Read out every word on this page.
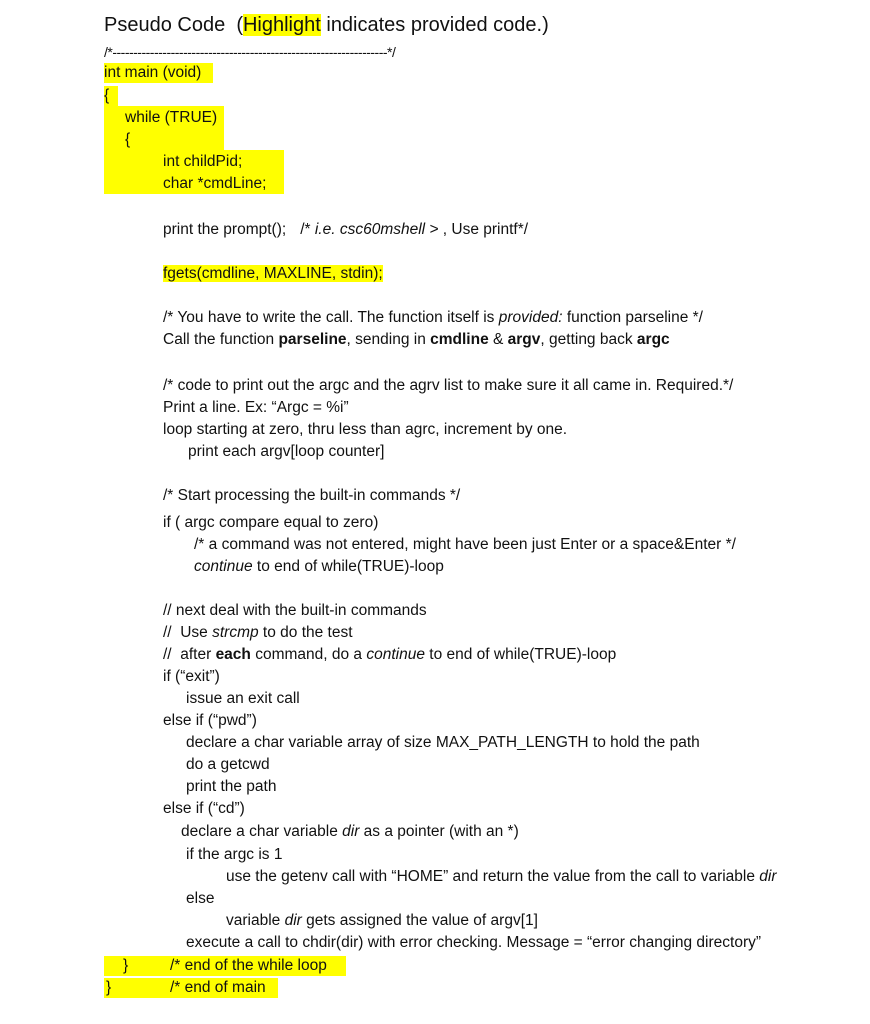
Pseudo Code  (Highlight indicates provided code.)
/*------------------------------------------------------------------*/
int main (void)
{
while (TRUE)
{
int childPid;
char *cmdLine;
print the prompt(); /* i.e. csc60mshell > , Use printf*/
fgets(cmdline, MAXLINE, stdin);
/* You have to write the call. The function itself is provided: function parseline */
Call the function parseline, sending in cmdline & argv, getting back argc
/* code to print out the argc and the agrv list to make sure it all came in. Required.*/
Print a line. Ex: “Argc = %i”
loop starting at zero, thru less than agrc, increment by one.
print each argv[loop counter]
/* Start processing the built-in commands */
if ( argc compare equal to zero)
/* a command was not entered, might have been just Enter or a space&Enter */
continue to end of while(TRUE)-loop
// next deal with the built-in commands
//  Use strcmp to do the test
//  after each command, do a continue to end of while(TRUE)-loop
if (“exit”)
issue an exit call
else if (“pwd”)
declare a char variable array of size MAX_PATH_LENGTH to hold the path
do a getcwd
print the path
else if (“cd”)
declare a char variable dir as a pointer (with an *)
if the argc is 1
use the getenv call with “HOME” and return the value from the call to variable dir
else
variable dir gets assigned the value of argv[1]
execute a call to chdir(dir) with error checking. Message = “error changing directory”
}	/* end of the while loop
}	/* end of main
